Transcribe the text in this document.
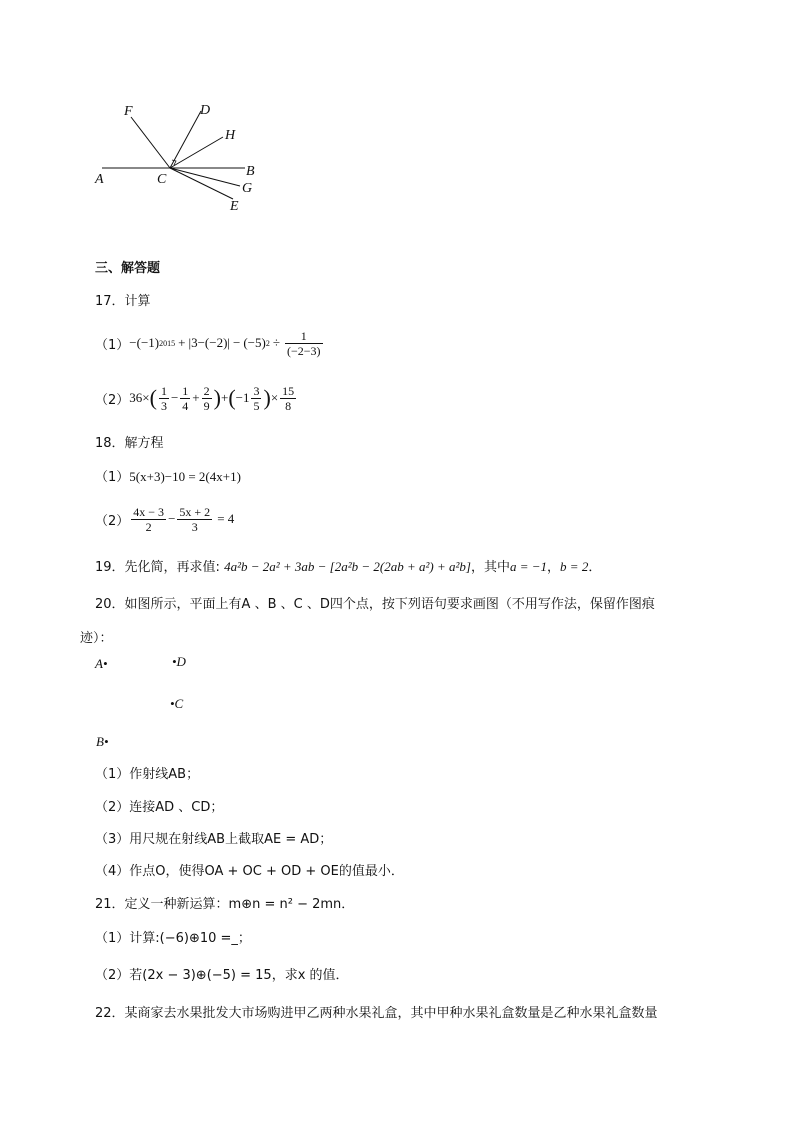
A	C
B
F	D
H
G
E
三、解答题
17．计算
（1） − (−1) 2015 + |3−(−2)| − (−5) $2 \div \frac{1}{(-2-3)}$
（2） 36× ( $\frac{1}{3} - \frac{1}{4} + \frac{2}{9}$ ) + ( $-1 \frac{3}{5}$ ) × $\frac{15}{8}$
18．解方程
（1）5(x+3)−10 = 2(4x+1)
$(2) \frac{4x - 3}{2} - \frac{5x + 2}{3} = 4$
19．先化简，再求值: 4a²b − 2a² + 3ab − [2a²b − 2(2ab + a²) + a²b]，其中a = −1，b = 2．
20．如图所示，平面上有A 、B 、C 、D四个点，按下列语句要求画图（不用写作法，保留作图痕
迹）：
A•	•D
•C
B•
（1）作射线AB；
（2）连接AD 、CD；
（3）用尺规在射线AB上截取AE = AD；
（4）作点O，使得OA + OC + OD + OE的值最小．
21．定义一种新运算：m⊕n = n² − 2mn．
（1）计算:(−6)⊕10 =_；
（2）若(2x − 3)⊕(−5) = 15，求x 的值．
22．某商家去水果批发大市场购进甲乙两种水果礼盒，其中甲种水果礼盒数量是乙种水果礼盒数量
